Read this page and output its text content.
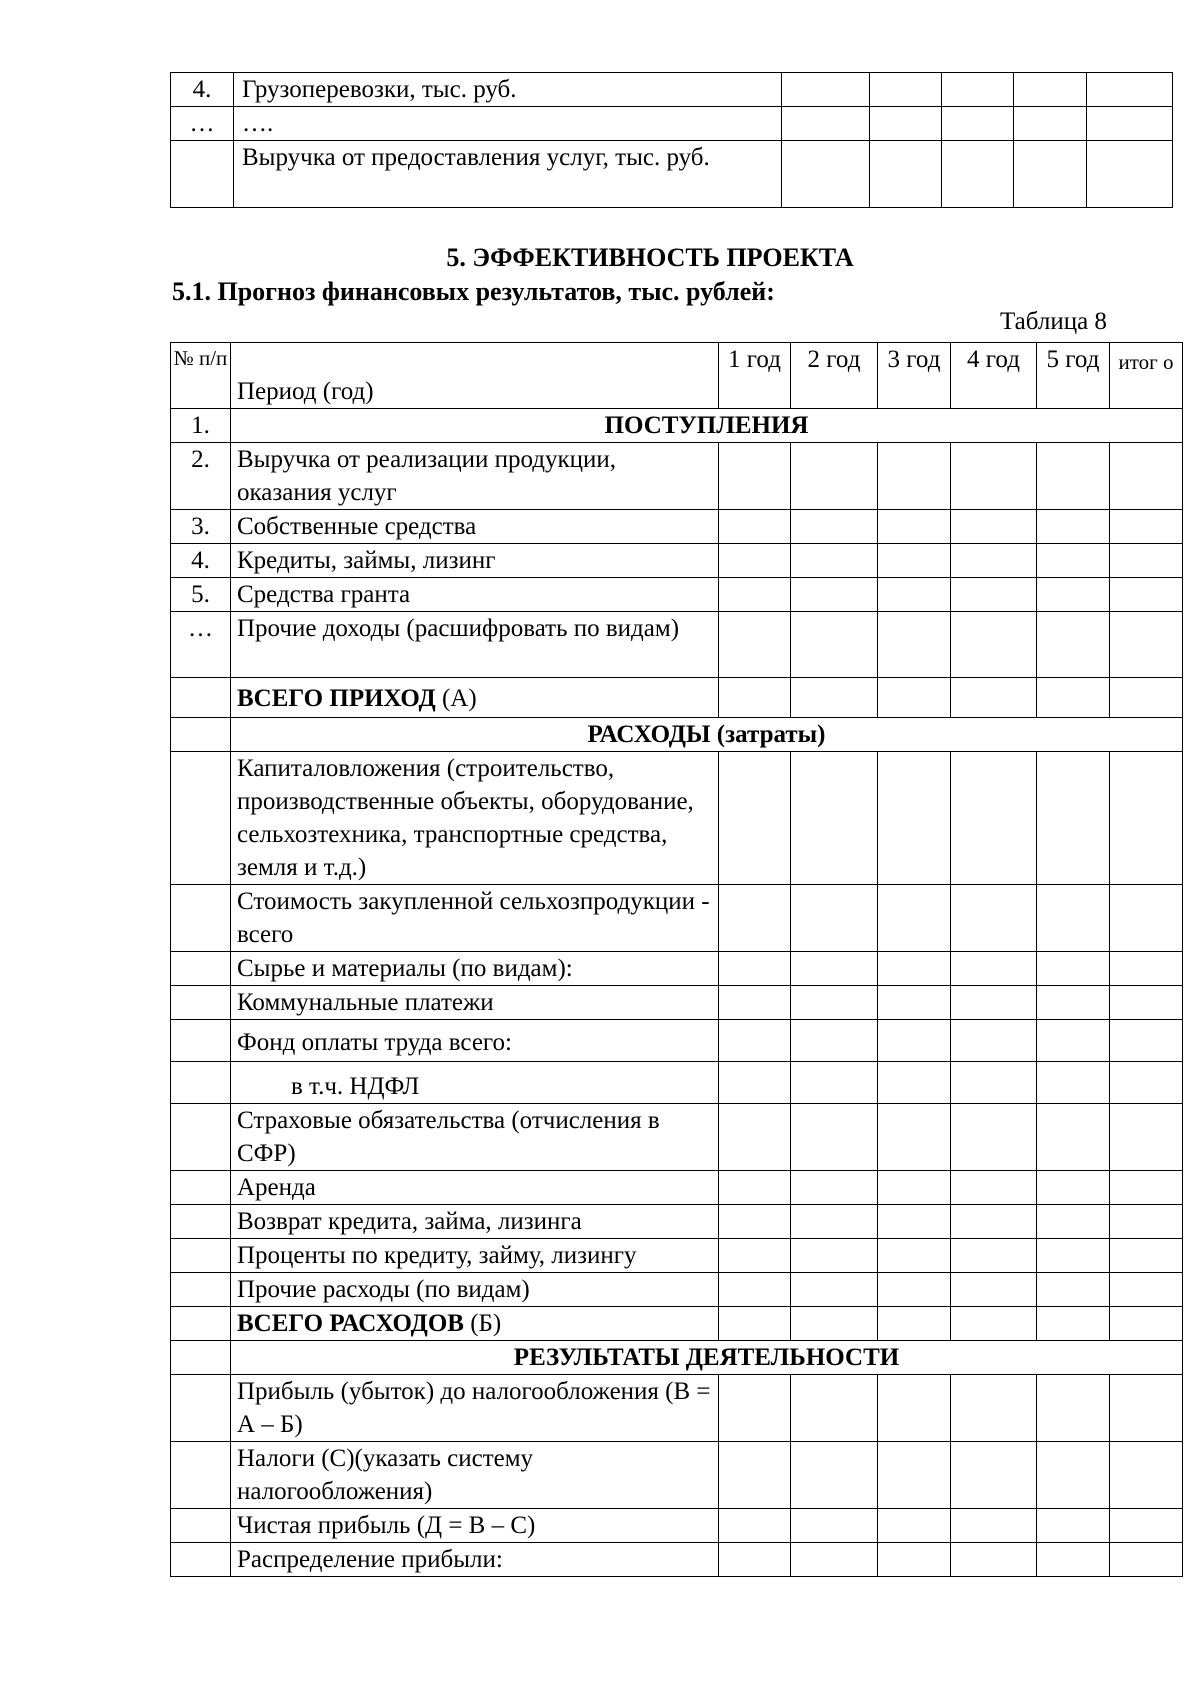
4.	Грузоперевозки, тыс. руб.					
…	….					
	Выручка от предоставления услуг, тыс. руб.					
5. ЭФФЕКТИВНОСТЬ ПРОЕКТА
5.1. Прогноз финансовых результатов, тыс. рублей:
Таблица 8
№ п/п	Период (год)	1 год	2 год	3 год	4 год	5 год	итог о
1.	ПОСТУПЛЕНИЯ						
2.	Выручка от реализации продукции, оказания услуг						
3.	Собственные средства						
4.	Кредиты, займы, лизинг						
5.	Средства гранта						
…	Прочие доходы (расшифровать по видам)						
	ВСЕГО ПРИХОД (А)						
	РАСХОДЫ (затраты)						
	Капиталовложения (строительство, производственные объекты, оборудование, сельхозтехника, транспортные средства, земля и т.д.)						
	Стоимость закупленной сельхозпродукции - всего						
	Сырье и материалы (по видам):						
	Коммунальные платежи						
	Фонд оплаты труда всего:						
	в т.ч. НДФЛ						
	Страховые обязательства (отчисления в СФР)						
	Аренда						
	Возврат кредита, займа, лизинга						
	Проценты по кредиту, займу, лизингу						
	Прочие расходы (по видам)						
	ВСЕГО РАСХОДОВ (Б)						
	РЕЗУЛЬТАТЫ ДЕЯТЕЛЬНОСТИ						
	Прибыль (убыток) до налогообложения (В = А – Б)						
	Налоги (С)(указать систему налогообложения)						
	Чистая прибыль (Д = В – С)						
	Распределение прибыли:						
